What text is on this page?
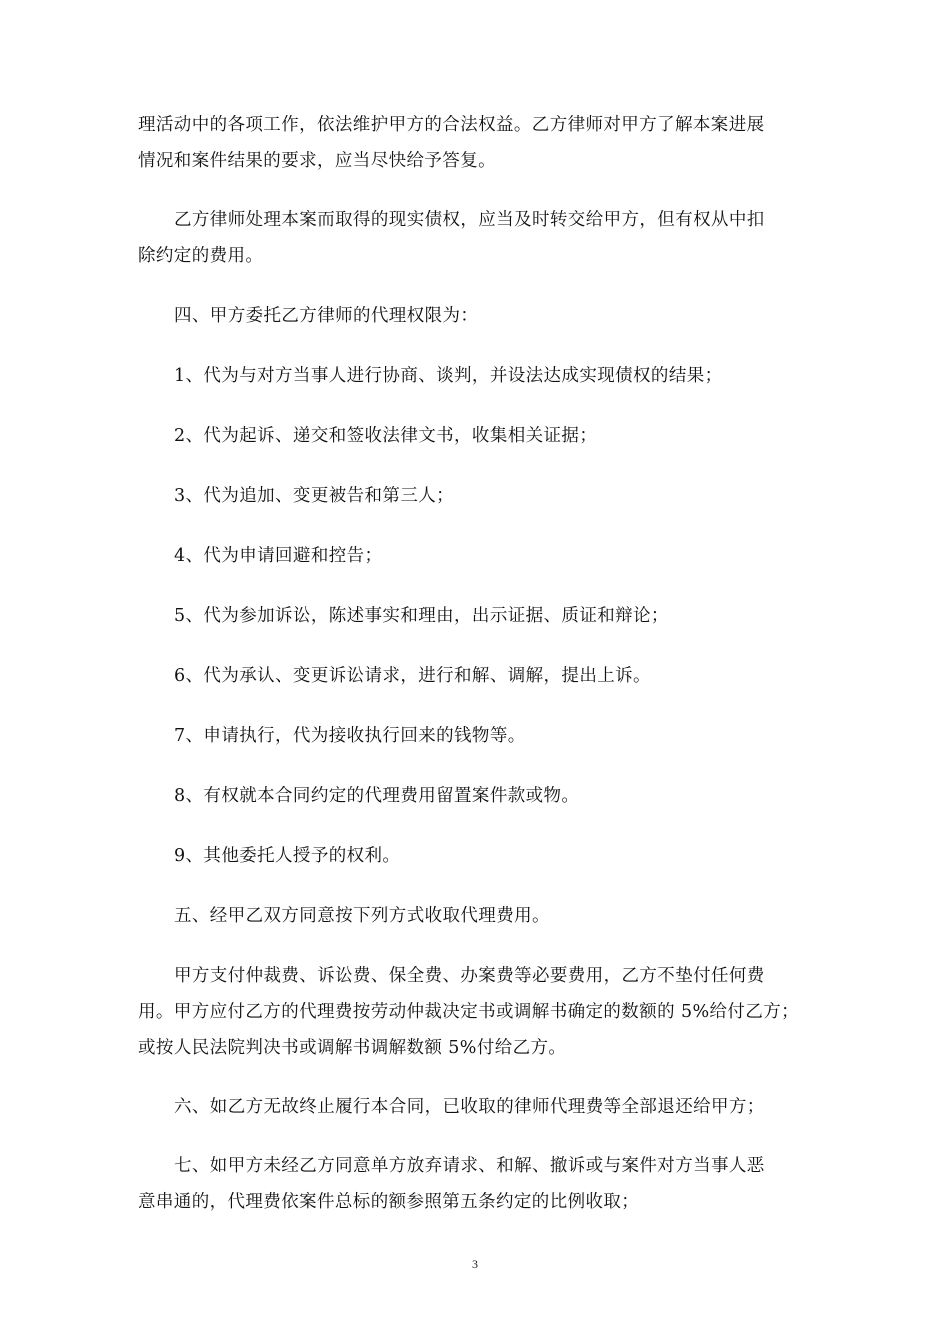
理活动中的各项工作，依法维护甲方的合法权益。乙方律师对甲方了解本案进展
情况和案件结果的要求，应当尽快给予答复。
乙方律师处理本案而取得的现实债权，应当及时转交给甲方，但有权从中扣
除约定的费用。
四、甲方委托乙方律师的代理权限为：
1、代为与对方当事人进行协商、谈判，并设法达成实现债权的结果；
2、代为起诉、递交和签收法律文书，收集相关证据；
3、代为追加、变更被告和第三人；
4、代为申请回避和控告；
5、代为参加诉讼，陈述事实和理由，出示证据、质证和辩论；
6、代为承认、变更诉讼请求，进行和解、调解，提出上诉。
7、申请执行，代为接收执行回来的钱物等。
8、有权就本合同约定的代理费用留置案件款或物。
9、其他委托人授予的权利。
五、经甲乙双方同意按下列方式收取代理费用。
甲方支付仲裁费、诉讼费、保全费、办案费等必要费用，乙方不垫付任何费
用。甲方应付乙方的代理费按劳动仲裁决定书或调解书确定的数额的 5%给付乙方；
或按人民法院判决书或调解书调解数额 5%付给乙方。
六、如乙方无故终止履行本合同，已收取的律师代理费等全部退还给甲方；
七、如甲方未经乙方同意单方放弃请求、和解、撤诉或与案件对方当事人恶
意串通的，代理费依案件总标的额参照第五条约定的比例收取；
3
